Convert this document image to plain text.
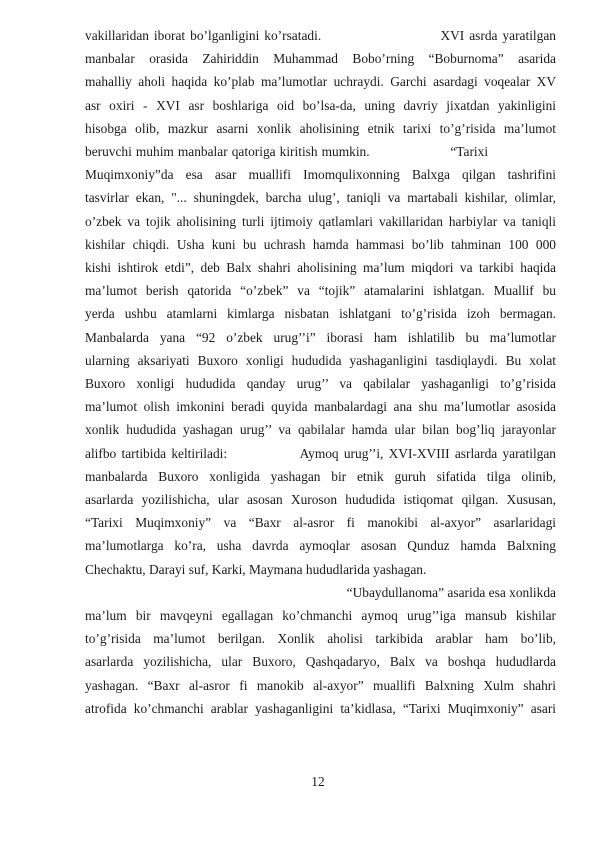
vakillaridan iborat bo’lganligini ko’rsatadi.                        XVI asrda yaratilgan

manbalar orasida Zahiriddin Muhammad Bobo’rning “Boburnoma” asarida

mahalliy aholi haqida ko’plab ma’lumotlar uchraydi. Garchi asardagi voqealar XV

asr oxiri - XVI asr boshlariga oid bo’lsa-da, uning davriy jixatdan yakinligini

hisobga olib, mazkur asarni xonlik aholisining etnik tarixi to’g’risida ma’lumot

beruvchi muhim manbalar qatoriga kiritish mumkin.                    “Tarixi

Muqimxoniy”da esa asar muallifi Imomqulixonning Balxga qilgan tashrifini

tasvirlar ekan, "... shuningdek, barcha ulug’, taniqli va martabali kishilar, olimlar,

o’zbek va tojik aholisining turli ijtimoiy qatlamlari vakillaridan harbiylar va taniqli

kishilar chiqdi. Usha kuni bu uchrash hamda hammasi bo’lib tahminan 100 000

kishi ishtirok etdi”, deb Balx shahri aholisining ma’lum miqdori va tarkibi haqida

ma’lumot berish qatorida “o’zbek” va “tojik” atamalarini ishlatgan. Muallif bu

yerda ushbu atamlarni kimlarga nisbatan ishlatgani to’g’risida izoh bermagan.

Manbalarda yana “92 o’zbek urug’’i” iborasi ham ishlatilib bu ma’lumotlar

ularning aksariyati Buxoro xonligi hududida yashaganligini tasdiqlaydi. Bu xolat

Buxoro xonligi hududida qanday urug’’ va qabilalar yashaganligi to’g’risida

ma’lumot olish imkonini beradi quyida manbalardagi ana shu ma’lumotlar asosida

xonlik hududida yashagan urug’’ va qabilalar hamda ular bilan bog’liq jarayonlar

alifbo tartibida keltiriladi:              Aymoq urug’’i, XVI-XVIII asrlarda yaratilgan

manbalarda Buxoro xonligida yashagan bir etnik guruh sifatida tilga olinib,

asarlarda yozilishicha, ular asosan Xuroson hududida istiqomat qilgan. Xususan,

“Tarixi Muqimxoniy” va “Baxr al-asror fi manokibi al-axyor” asarlaridagi

ma’lumotlarga ko’ra, usha davrda aymoqlar asosan Qunduz hamda Balxning

Chechaktu, Darayi suf, Karki, Maymana hududlarida yashagan.

“Ubaydullanoma” asarida esa xonlikda

ma’lum bir mavqeyni egallagan ko’chmanchi aymoq urug’’iga mansub kishilar

to’g’risida ma’lumot berilgan. Xonlik aholisi tarkibida arablar ham bo’lib,

asarlarda yozilishicha, ular Buxoro, Qashqadaryo, Balx va boshqa hududlarda

yashagan. “Baxr al-asror fi manokib al-axyor” muallifi Balxning Xulm shahri

atrofida ko’chmanchi arablar yashaganligini ta’kidlasa, “Tarixi Muqimxoniy” asari

12
